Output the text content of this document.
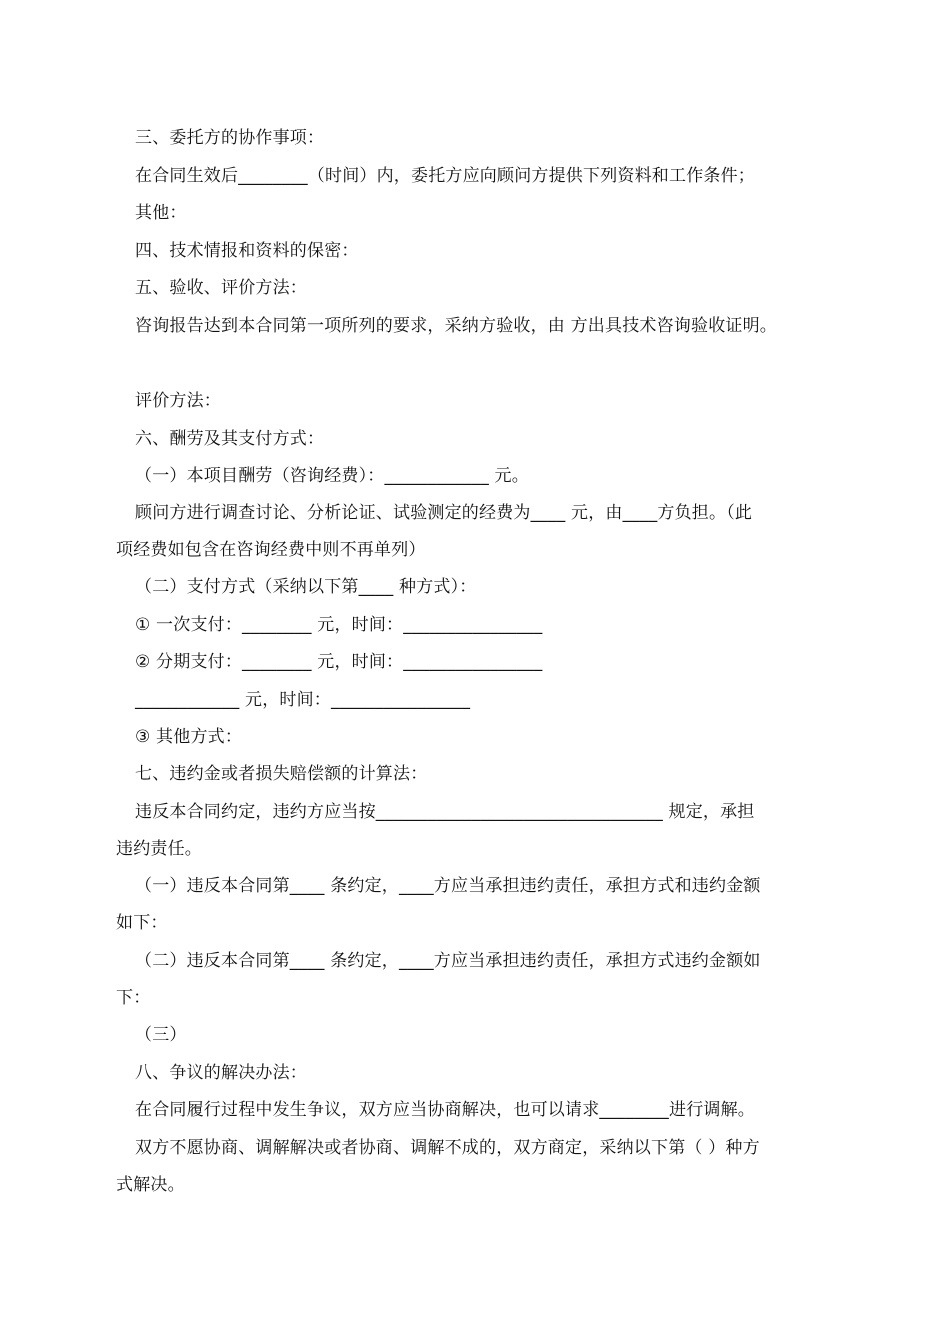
三、委托方的协作事项：
在合同生效后________（时间）内，委托方应向顾问方提供下列资料和工作条件；
其他：
四、技术情报和资料的保密：
五、验收、评价方法：
咨询报告达到本合同第一项所列的要求，采纳方验收，由 方出具技术咨询验收证明。
评价方法：
六、酬劳及其支付方式：
（一）本项目酬劳（咨询经费）：____________ 元。
顾问方进行调查讨论、分析论证、试验测定的经费为____ 元，由____方负担。（此
项经费如包含在咨询经费中则不再单列）
（二）支付方式（采纳以下第____ 种方式）：
① 一次支付：________ 元，时间：________________
② 分期支付：________ 元，时间：________________
____________ 元，时间：________________
③ 其他方式：
七、违约金或者损失赔偿额的计算法：
违反本合同约定，违约方应当按_________________________________ 规定，承担
违约责任。
（一）违反本合同第____ 条约定，____方应当承担违约责任，承担方式和违约金额
如下：
（二）违反本合同第____ 条约定，____方应当承担违约责任，承担方式违约金额如
下：
（三）
八、争议的解决办法：
在合同履行过程中发生争议，双方应当协商解决，也可以请求________进行调解。
双方不愿协商、调解解决或者协商、调解不成的，双方商定，采纳以下第（ ）种方
式解决。
